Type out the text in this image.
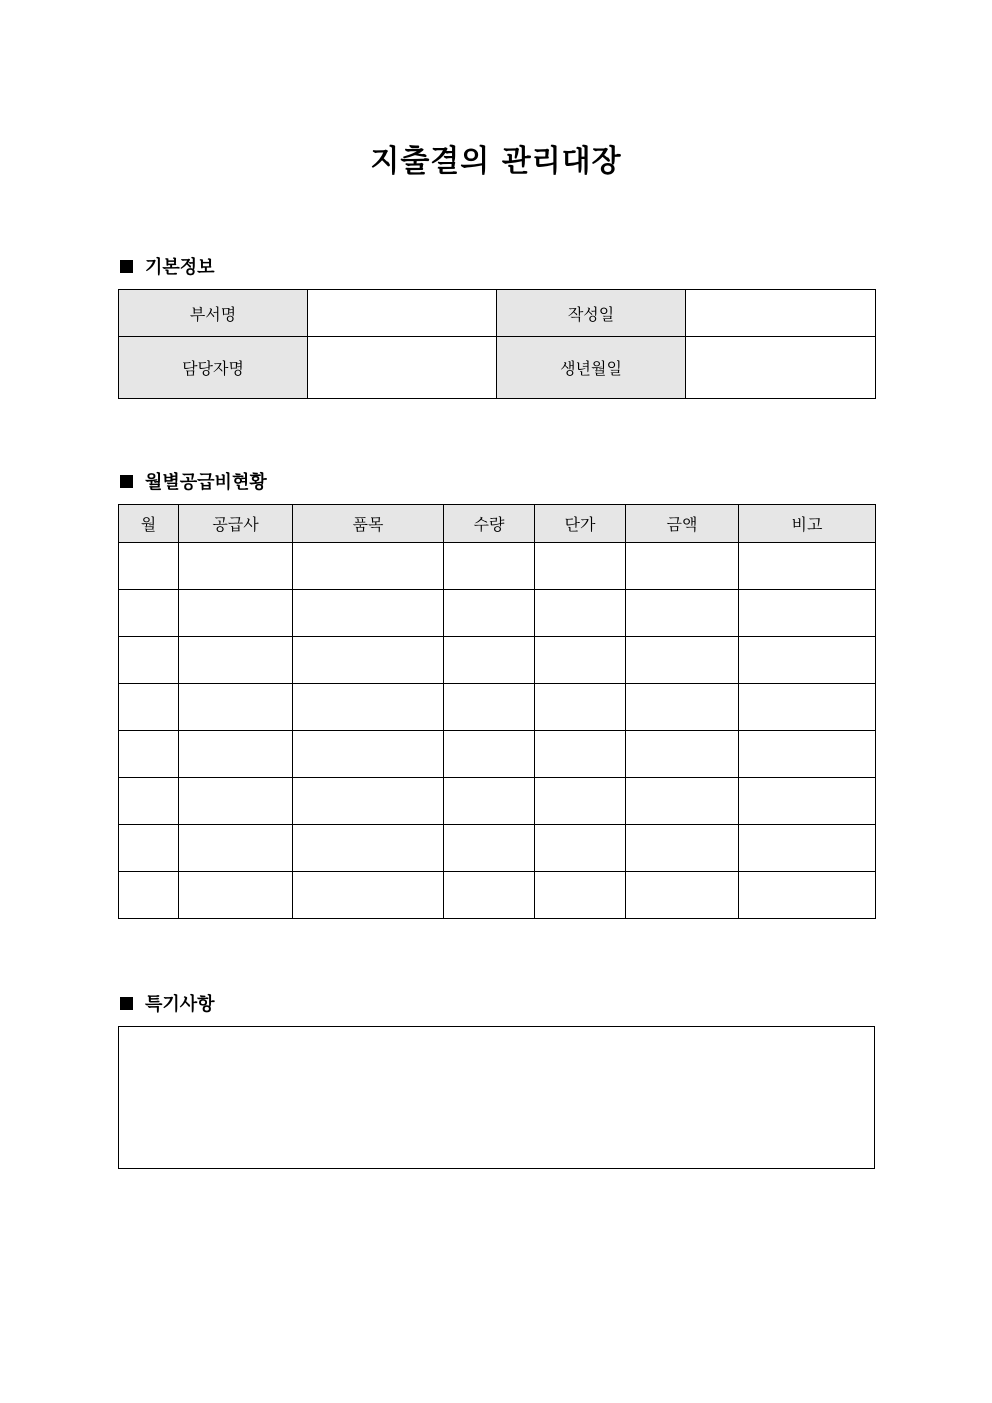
지출결의 관리대장
기본정보
부서명		작성일	
담당자명		생년월일	
월별공급비현황
월	공급사	품목	수량	단가	금액	비고

특기사항
